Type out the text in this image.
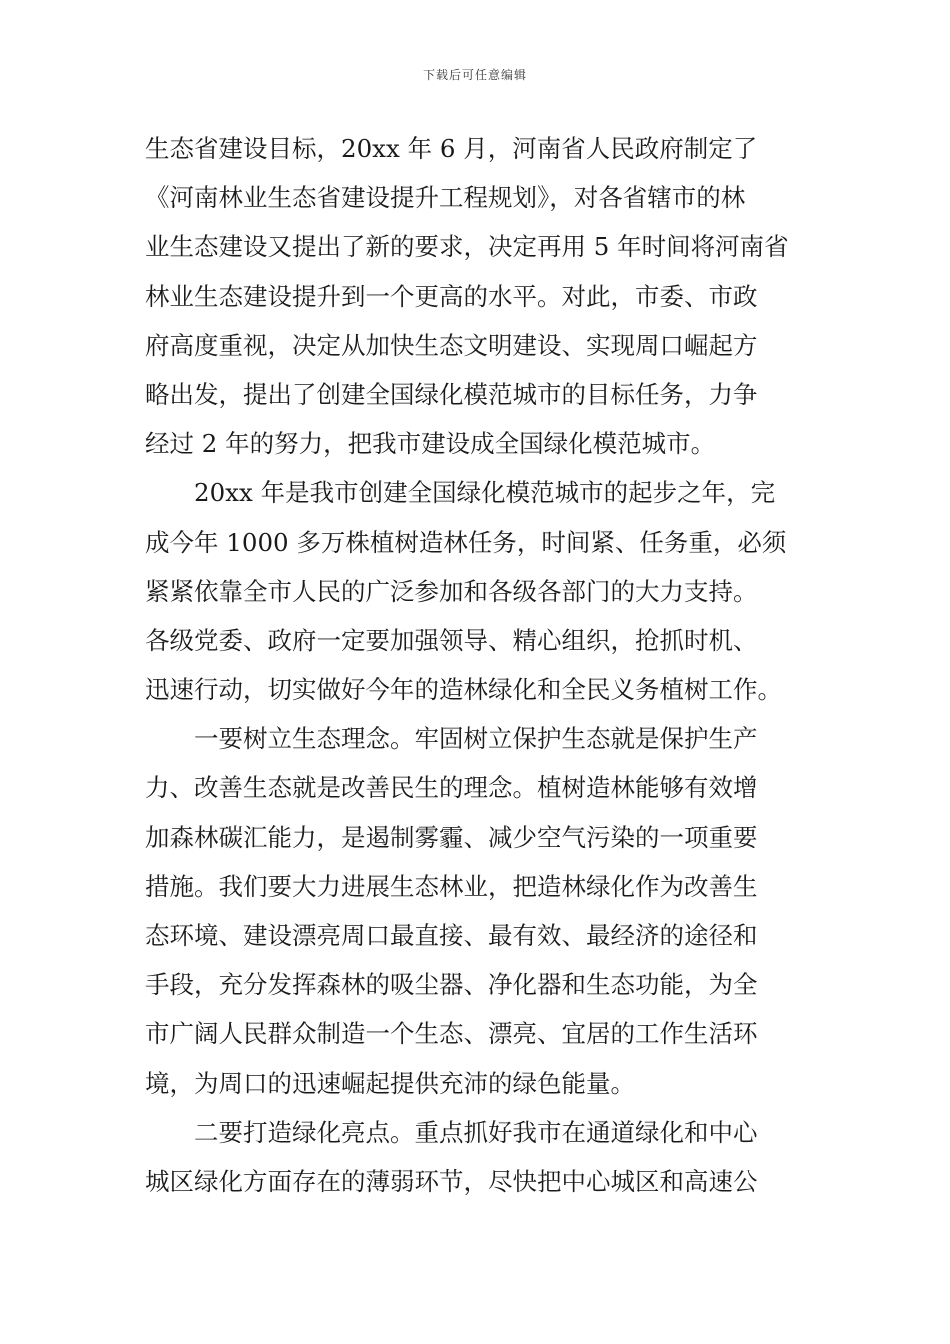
下载后可任意编辑
生态省建设目标，20xx 年 6 月，河南省人民政府制定了
《河南林业生态省建设提升工程规划》，对各省辖市的林
业生态建设又提出了新的要求，决定再用 5 年时间将河南省
林业生态建设提升到一个更高的水平。对此，市委、市政
府高度重视，决定从加快生态文明建设、实现周口崛起方
略出发，提出了创建全国绿化模范城市的目标任务，力争
经过 2 年的努力，把我市建设成全国绿化模范城市。
20xx 年是我市创建全国绿化模范城市的起步之年，完
成今年 1000 多万株植树造林任务，时间紧、任务重，必须
紧紧依靠全市人民的广泛参加和各级各部门的大力支持。
各级党委、政府一定要加强领导、精心组织，抢抓时机、
迅速行动，切实做好今年的造林绿化和全民义务植树工作。
一要树立生态理念。牢固树立保护生态就是保护生产
力、改善生态就是改善民生的理念。植树造林能够有效增
加森林碳汇能力，是遏制雾霾、减少空气污染的一项重要
措施。我们要大力进展生态林业，把造林绿化作为改善生
态环境、建设漂亮周口最直接、最有效、最经济的途径和
手段，充分发挥森林的吸尘器、净化器和生态功能，为全
市广阔人民群众制造一个生态、漂亮、宜居的工作生活环
境，为周口的迅速崛起提供充沛的绿色能量。
二要打造绿化亮点。重点抓好我市在通道绿化和中心
城区绿化方面存在的薄弱环节，尽快把中心城区和高速公
